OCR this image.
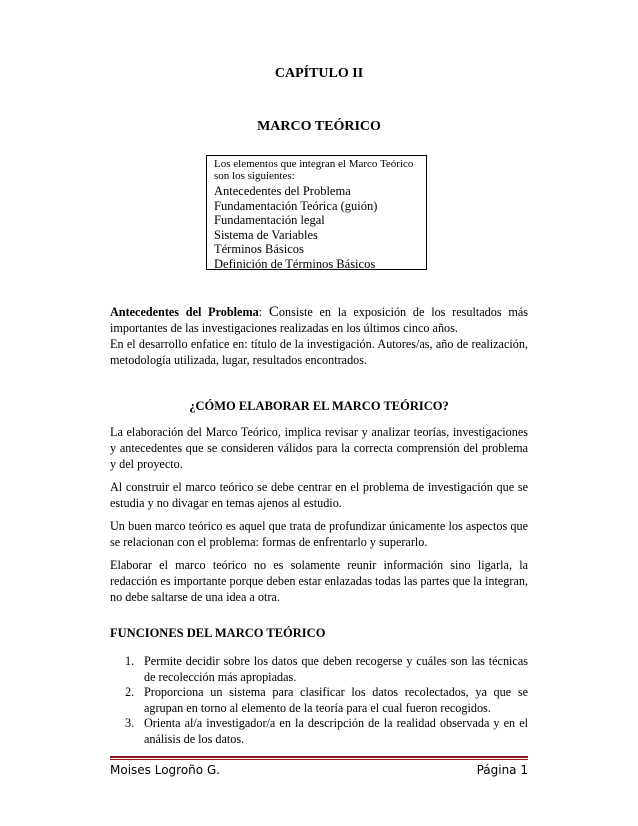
CAPÍTULO II
MARCO TEÓRICO

Los elementos que integran el Marco Teórico son los siguientes:

Antecedentes del Problema
Fundamentación Teórica (guión)
Fundamentación legal
Sistema de Variables
Términos Básicos
Definición de Términos Básicos

Antecedentes del Problema: Consiste en la exposición de los resultados más importantes de las investigaciones realizadas en los últimos cinco años.

En el desarrollo enfatice en: título de la investigación. Autores/as, año de realización, metodología utilizada, lugar, resultados encontrados.

¿CÓMO ELABORAR EL MARCO TEÓRICO?

La elaboración del Marco Teórico, implica revisar y analizar teorías, investigaciones y antecedentes que se consideren válidos para la correcta comprensión del problema y del proyecto.

Al construir el marco teórico se debe centrar en el problema de investigación que se estudia y no divagar en temas ajenos al estudio.

Un buen marco teórico es aquel que trata de profundizar únicamente los aspectos que se relacionan con el problema: formas de enfrentarlo y superarlo.

Elaborar el marco teórico no es solamente reunir información sino ligarla, la redacción es importante porque deben estar enlazadas todas las partes que la integran, no debe saltarse de una idea a otra.

FUNCIONES DEL MARCO TEÓRICO
1. Permite decidir sobre los datos que deben recogerse y cuáles son las técnicas de recolección más apropiadas.
2. Proporciona un sistema para clasificar los datos recolectados, ya que se agrupan en torno al elemento de la teoría para el cual fueron recogidos.
3. Orienta al/a investigador/a en la descripción de la realidad observada y en el análisis de los datos.
Moises Logroño G.	Página 1
